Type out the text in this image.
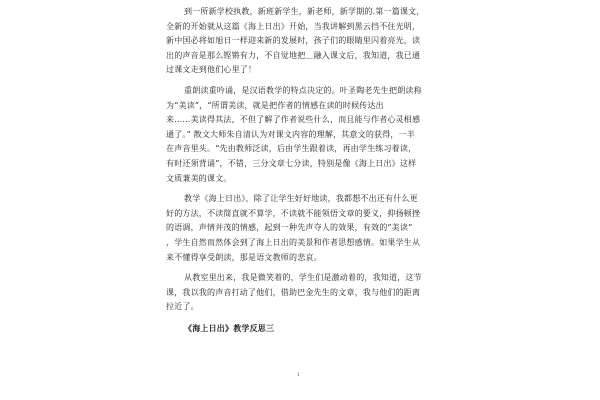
到一所新学校执教，新班新学生，新老师，新学期的.第一篇课文，
全新的开始就从这篇《海上日出》开始，当我讲解到黑云挡不住光明，
新中国必将如旭日一样迎来新的发展时，孩子们的眼睛里闪着亮光，读
出的声音是那么铿锵有力，不自觉地把＿融入课文后，我知道，我已通
过课文走到他们心里了！
重朗读重吟诵，是汉语教学的特点决定的。叶圣陶老先生把朗读称
为“美读”，“所谓美读，就是把作者的情感在读的时候传达出
来……美读得其法，不但了解了作者说些什么，而且能与作者心灵相感
通了。” 散文大师朱自清认为对课文内容的理解，其意文的获得，一半
在声音里头。“先由教师泛读，后由学生跟着读，再由学生练习着读，
有时还须背诵”，不错，三分文章七分读，特别是像《海上日出》这样
文质兼美的课文。
教学《海上日出》，除了让学生好好地读，我都想不出还有什么更
好的方法，不读简直就不算学，不读就不能领悟文章的要义，抑扬顿挫
的语调，声情并茂的情感，起到一种先声夺人的效果，有效的“美读”
，学生自然而然体会到了海上日出的美景和作者思想感情。如果学生从
来不懂得享受朗读，那是语文教师的悲哀。
从教室里出来，我是微笑着的，学生们是激动着的，我知道，这节
课，我以我的声音打动了他们，借助巴金先生的文章，我与他们的距离
拉近了。
《海上日出》教学反思三
1
